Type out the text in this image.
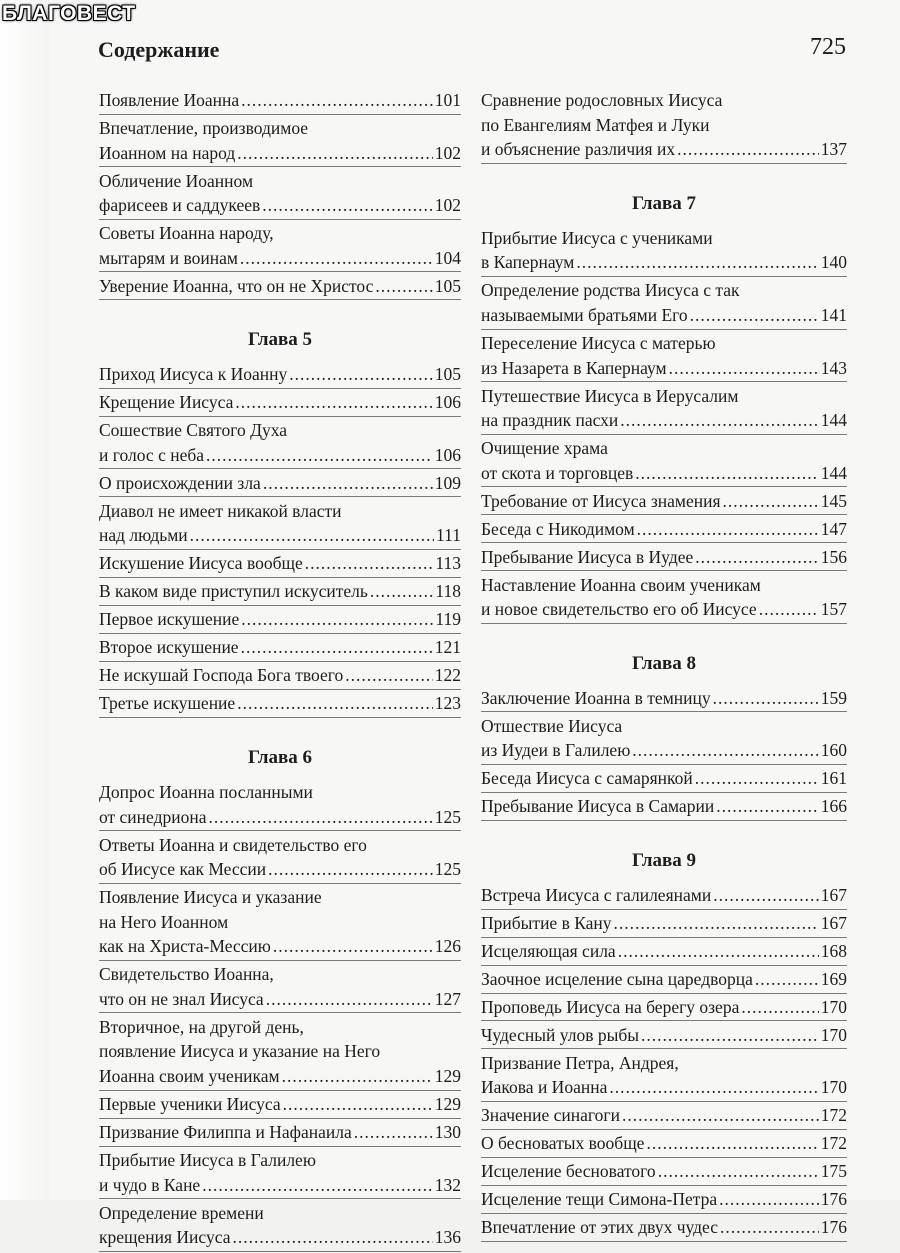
БЛАГОВЕСТ
Содержание	725
Появление Иоанна .....	101
Впечатление, производимое
Иоанном на народ .....	102
Обличение Иоанном
фарисеев и саддукеев .....	102
Советы Иоанна народу,
мытарям и воинам .....	104
Уверение Иоанна, что он не Христос .....	105
Глава 5
Приход Иисуса к Иоанну .....	105
Крещение Иисуса .....	106
Сошествие Святого Духа
и голос с неба .....	106
О происхождении зла .....	109
Диавол не имеет никакой власти
над людьми .....	111
Искушение Иисуса вообще .....	113
В каком виде приступил искуситель .....	118
Первое искушение .....	119
Второе искушение .....	121
Не искушай Господа Бога твоего .....	122
Третье искушение .....	123
Глава 6
Допрос Иоанна посланными
от синедриона .....	125
Ответы Иоанна и свидетельство его
об Иисусе как Мессии .....	125
Появление Иисуса и указание
на Него Иоанном
как на Христа-Мессию .....	126
Свидетельство Иоанна,
что он не знал Иисуса .....	127
Вторичное, на другой день,
появление Иисуса и указание на Него
Иоанна своим ученикам .....	129
Первые ученики Иисуса .....	129
Призвание Филиппа и Нафанаила .....	130
Прибытие Иисуса в Галилею
и чудо в Кане .....	132
Определение времени
крещения Иисуса .....	136
Сравнение родословных Иисуса
по Евангелиям Матфея и Луки
и объяснение различия их .....	137
Глава 7
Прибытие Иисуса с учениками
в Капернаум .....	140
Определение родства Иисуса с так
называемыми братьями Его .....	141
Переселение Иисуса с матерью
из Назарета в Капернаум .....	143
Путешествие Иисуса в Иерусалим
на праздник пасхи .....	144
Очищение храма
от скота и торговцев .....	144
Требование от Иисуса знамения .....	145
Беседа с Никодимом .....	147
Пребывание Иисуса в Иудее .....	156
Наставление Иоанна своим ученикам
и новое свидетельство его об Иисусе .....	157
Глава 8
Заключение Иоанна в темницу .....	159
Отшествие Иисуса
из Иудеи в Галилею .....	160
Беседа Иисуса с самарянкой .....	161
Пребывание Иисуса в Самарии .....	166
Глава 9
Встреча Иисуса с галилеянами .....	167
Прибытие в Кану .....	167
Исцеляющая сила .....	168
Заочное исцеление сына царедворца .....	169
Проповедь Иисуса на берегу озера .....	170
Чудесный улов рыбы .....	170
Призвание Петра, Андрея,
Иакова и Иоанна .....	170
Значение синагоги .....	172
О бесноватых вообще .....	172
Исцеление бесноватого .....	175
Исцеление тещи Симона-Петра .....	176
Впечатление от этих двух чудес .....	176
